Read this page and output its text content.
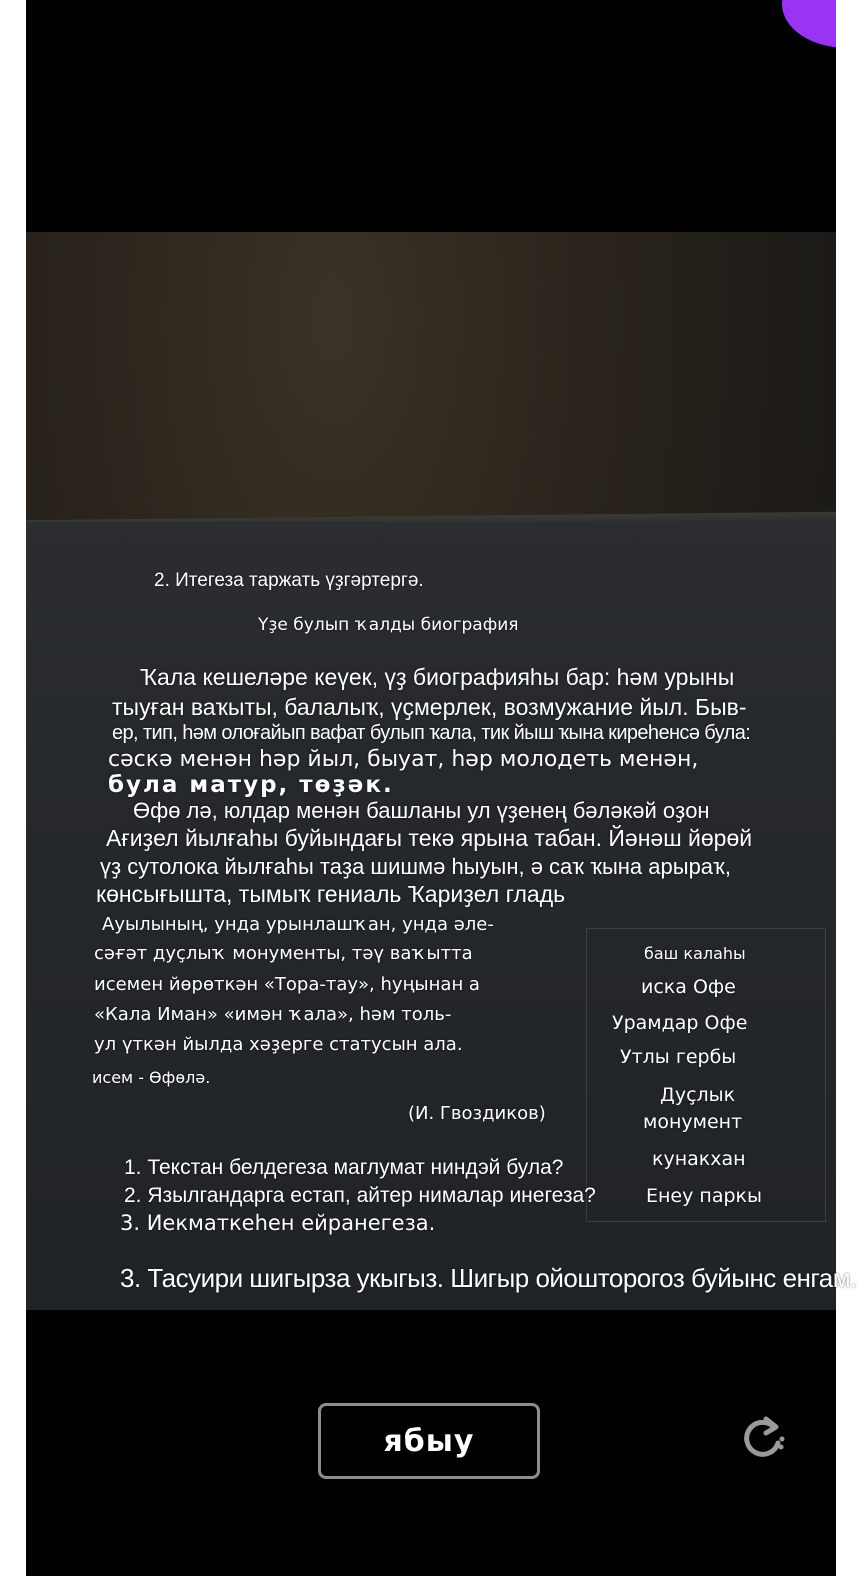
2. Итегеза таржать үҙгәртергә.
Үҙе булып ҡалды биография
Ҡала кешеләре кеүек, үҙ биографияһы бар: һәм урыны
тыуған ваҡыты, балалыҡ, үҫмерлек, возмужание йыл. Быв-
ер, тип, һәм олоғайып вафат булып ҡала, тик йыш ҡына киреһенсә була:
сәскә менән һәр йыл, быуат, һәр молодеть менән,
була матур, төҙәк.
Өфө лә, юлдар менән башланы ул үҙенең бәләкәй оҙон
Ағиҙел йылғаһы буйындағы текә ярына табан. Йәнәш йөрөй
үҙ сутолока йылғаһы таҙа шишмә һыуын, ә саҡ ҡына арыраҡ,
көнсығышта, тымыҡ гениаль Ҡариҙел гладь
Ауылының, унда урынлашҡан, унда әле-
сәғәт дуҫлыҡ монументы, тәү ваҡытта
исемен йөрөткән «Тора-тау», һуңынан а
«Кала Иман» «имән ҡала», һәм толь-
ул үткән йылда хәҙерге статусын ала.
исем - Өфөлә.
(И. Гвоздиков)
баш калаhы
иска Офе
Урамдар Офе
Утлы гербы
Дуҫлык
монумент
кунакхан
Енеу паркы
1. Текстан белдегеза маглумат ниндэй була?
2. Язылгандарга естап, айтер нималар инегеза?
3. Иекматкеһен ейранегеза.
3. Тасуири шигырза укыгыз. Шигыр ойошторогоз буйынс енгам.
ябыу
